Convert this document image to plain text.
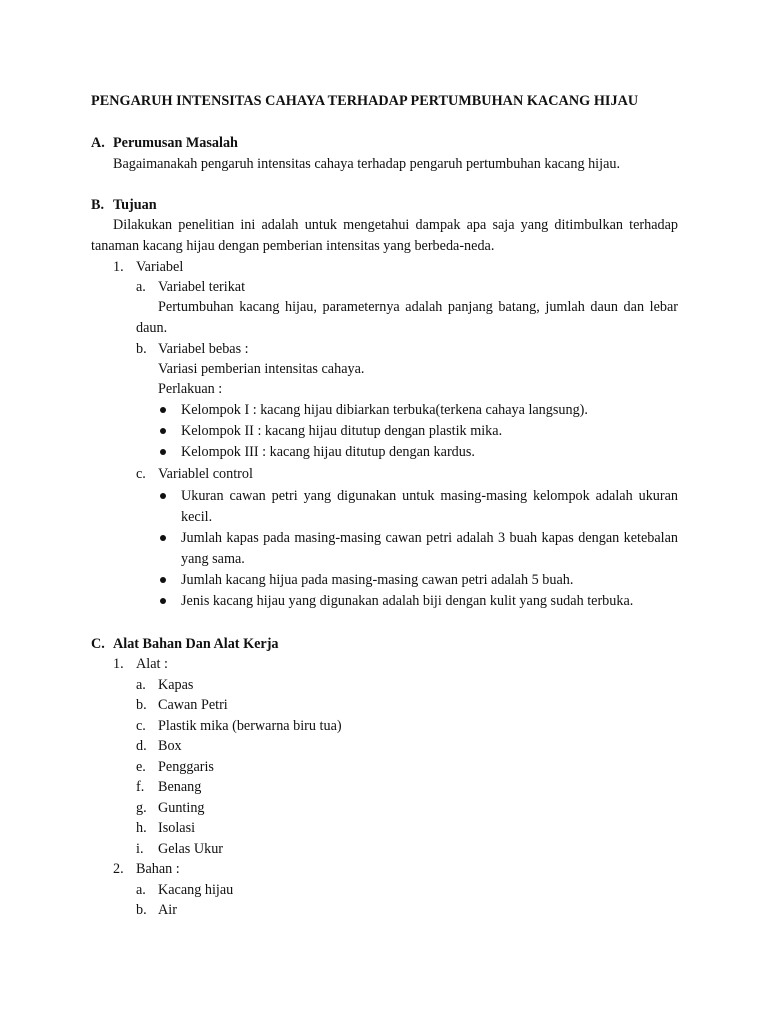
PENGARUH INTENSITAS CAHAYA TERHADAP PERTUMBUHAN KACANG HIJAU
A. Perumusan Masalah
Bagaimanakah pengaruh intensitas cahaya terhadap pengaruh pertumbuhan kacang hijau.
B. Tujuan
Dilakukan penelitian ini adalah untuk mengetahui dampak apa saja yang ditimbulkan terhadap tanaman kacang hijau dengan pemberian intensitas yang berbeda-neda.
1. Variabel
a. Variabel terikat
Pertumbuhan kacang hijau, parameternya adalah panjang batang, jumlah daun dan lebar daun.
b. Variabel bebas :
Variasi pemberian intensitas cahaya.
Perlakuan :
Kelompok I : kacang hijau dibiarkan terbuka(terkena cahaya langsung).
Kelompok II : kacang hijau ditutup dengan plastik mika.
Kelompok III : kacang hijau ditutup dengan kardus.
c. Variablel control
Ukuran cawan petri yang digunakan untuk masing-masing kelompok adalah ukuran kecil.
Jumlah kapas pada masing-masing cawan petri adalah 3 buah kapas dengan ketebalan yang sama.
Jumlah kacang hijua pada masing-masing cawan petri adalah 5 buah.
Jenis kacang hijau yang digunakan adalah biji dengan kulit yang sudah terbuka.
C. Alat Bahan Dan Alat Kerja
1. Alat :
a. Kapas
b. Cawan Petri
c. Plastik mika (berwarna biru tua)
d. Box
e. Penggaris
f. Benang
g. Gunting
h. Isolasi
i. Gelas Ukur
2. Bahan :
a. Kacang hijau
b. Air
